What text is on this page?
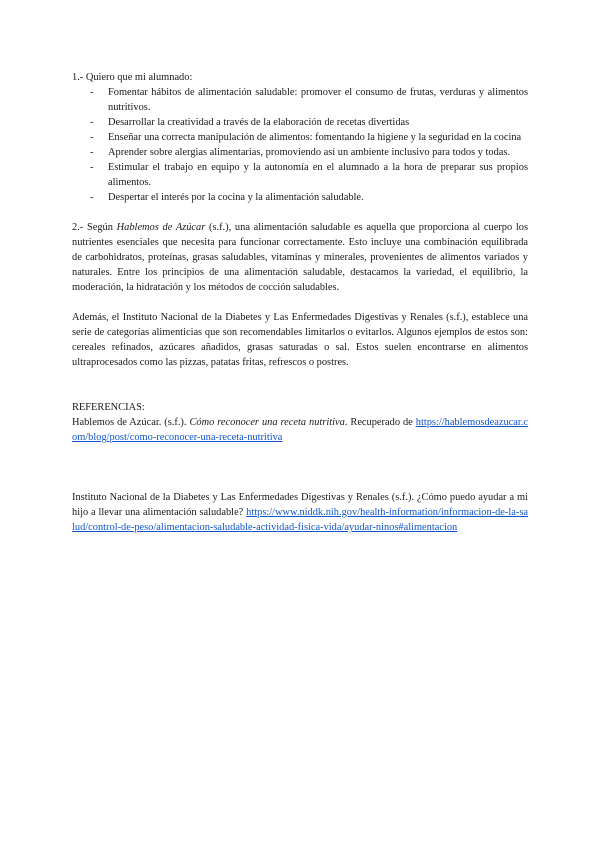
1.- Quiero que mi alumnado:

- Fomentar hábitos de alimentación saludable: promover el consumo de frutas, verduras y alimentos nutritivos.
- Desarrollar la creatividad a través de la elaboración de recetas divertidas
- Enseñar una correcta manipulación de alimentos: fomentando la higiene y la seguridad en la cocina
- Aprender sobre alergias alimentarias, promoviendo así un ambiente inclusivo para todos y todas.
- Estimular el trabajo en equipo y la autonomía en el alumnado a la hora de preparar sus propios alimentos.
- Despertar el interés por la cocina y la alimentación saludable.

2.- Según Hablemos de Azúcar (s.f.), una alimentación saludable es aquella que proporciona al cuerpo los nutrientes esenciales que necesita para funcionar correctamente. Esto incluye una combinación equilibrada de carbohidratos, proteínas, grasas saludables, vitaminas y minerales, provenientes de alimentos variados y naturales. Entre los principios de una alimentación saludable, destacamos la variedad, el equilibrio, la moderación, la hidratación y los métodos de cocción saludables.

Además, el Instituto Nacional de la Diabetes y Las Enfermedades Digestivas y Renales (s.f.), establece una serie de categorías alimenticias que son recomendables limitarlos o evitarlos. Algunos ejemplos de estos son: cereales refinados, azúcares añadidos, grasas saturadas o sal. Estos suelen encontrarse en alimentos ultraprocesados como las pizzas, patatas fritas, refrescos o postres.

REFERENCIAS:

Hablemos de Azúcar. (s.f.). Cómo reconocer una receta nutritiva. Recuperado de https://hablemosdeazucar.com/blog/post/como-reconocer-una-receta-nutritiva

Instituto Nacional de la Diabetes y Las Enfermedades Digestivas y Renales (s.f.). ¿Cómo puedo ayudar a mi hijo a llevar una alimentación saludable? https://www.niddk.nih.gov/health-information/informacion-de-la-salud/control-de-peso/alimentacion-saludable-actividad-fisica-vida/ayudar-ninos#alimentacion
